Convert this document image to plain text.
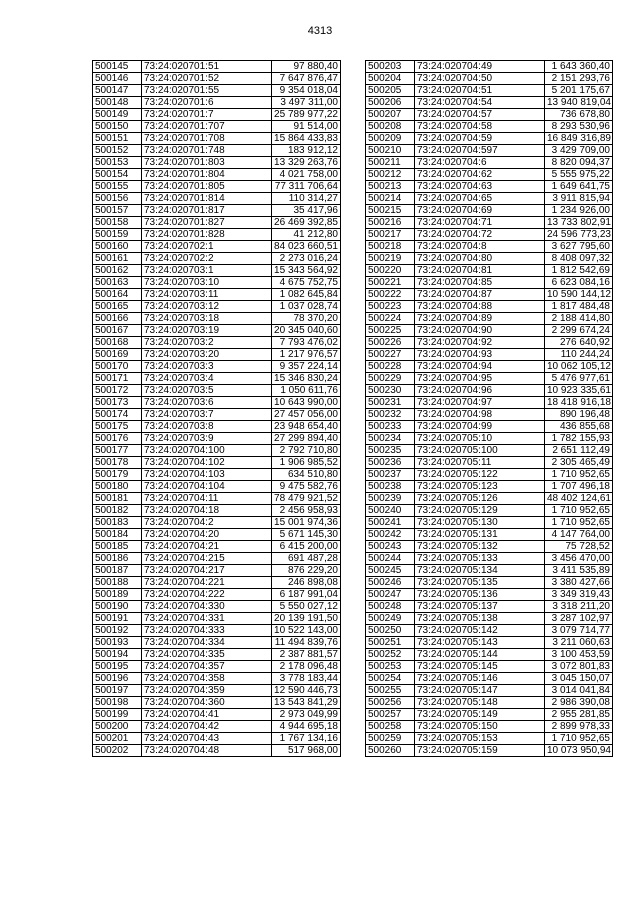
4313
500145	73:24:020701:51	97 880,40
500146	73:24:020701:52	7 647 876,47
500147	73:24:020701:55	9 354 018,04
500148	73:24:020701:6	3 497 311,00
500149	73:24:020701:7	25 789 977,22
500150	73:24:020701:707	91 514,00
500151	73:24:020701:708	15 864 433,83
500152	73:24:020701:748	183 912,12
500153	73:24:020701:803	13 329 263,76
500154	73:24:020701:804	4 021 758,00
500155	73:24:020701:805	77 311 706,64
500156	73:24:020701:814	110 314,27
500157	73:24:020701:817	35 417,96
500158	73:24:020701:827	26 469 392,85
500159	73:24:020701:828	41 212,80
500160	73:24:020702:1	84 023 660,51
500161	73:24:020702:2	2 273 016,24
500162	73:24:020703:1	15 343 564,92
500163	73:24:020703:10	4 675 752,75
500164	73:24:020703:11	1 082 645,84
500165	73:24:020703:12	1 037 028,74
500166	73:24:020703:18	78 370,20
500167	73:24:020703:19	20 345 040,60
500168	73:24:020703:2	7 793 476,02
500169	73:24:020703:20	1 217 976,57
500170	73:24:020703:3	9 357 224,14
500171	73:24:020703:4	15 346 830,24
500172	73:24:020703:5	1 050 611,76
500173	73:24:020703:6	10 643 990,00
500174	73:24:020703:7	27 457 056,00
500175	73:24:020703:8	23 948 654,40
500176	73:24:020703:9	27 299 894,40
500177	73:24:020704:100	2 792 710,80
500178	73:24:020704:102	1 906 985,52
500179	73:24:020704:103	634 510,80
500180	73:24:020704:104	9 475 582,76
500181	73:24:020704:11	78 479 921,52
500182	73:24:020704:18	2 456 958,93
500183	73:24:020704:2	15 001 974,36
500184	73:24:020704:20	5 671 145,30
500185	73:24:020704:21	6 415 200,00
500186	73:24:020704:215	691 487,28
500187	73:24:020704:217	876 229,20
500188	73:24:020704:221	246 898,08
500189	73:24:020704:222	6 187 991,04
500190	73:24:020704:330	5 550 027,12
500191	73:24:020704:331	20 139 191,50
500192	73:24:020704:333	10 522 143,00
500193	73:24:020704:334	11 494 839,76
500194	73:24:020704:335	2 387 881,57
500195	73:24:020704:357	2 178 096,48
500196	73:24:020704:358	3 778 183,44
500197	73:24:020704:359	12 590 446,73
500198	73:24:020704:360	13 543 841,29
500199	73:24:020704:41	2 973 049,99
500200	73:24:020704:42	4 944 695,18
500201	73:24:020704:43	1 767 134,16
500202	73:24:020704:48	517 968,00
500203	73:24:020704:49	1 643 360,40
500204	73:24:020704:50	2 151 293,76
500205	73:24:020704:51	5 201 175,67
500206	73:24:020704:54	13 940 819,04
500207	73:24:020704:57	736 678,80
500208	73:24:020704:58	8 293 530,96
500209	73:24:020704:59	16 849 316,89
500210	73:24:020704:597	3 429 709,00
500211	73:24:020704:6	8 820 094,37
500212	73:24:020704:62	5 555 975,22
500213	73:24:020704:63	1 649 641,75
500214	73:24:020704:65	3 911 815,94
500215	73:24:020704:69	1 234 926,00
500216	73:24:020704:71	13 733 802,91
500217	73:24:020704:72	24 596 773,23
500218	73:24:020704:8	3 627 795,60
500219	73:24:020704:80	8 408 097,32
500220	73:24:020704:81	1 812 542,69
500221	73:24:020704:85	6 623 084,16
500222	73:24:020704:87	10 590 144,12
500223	73:24:020704:88	1 817 484,48
500224	73:24:020704:89	2 188 414,80
500225	73:24:020704:90	2 299 674,24
500226	73:24:020704:92	276 640,92
500227	73:24:020704:93	110 244,24
500228	73:24:020704:94	10 062 105,12
500229	73:24:020704:95	5 476 977,61
500230	73:24:020704:96	10 923 335,61
500231	73:24:020704:97	18 418 916,18
500232	73:24:020704:98	890 196,48
500233	73:24:020704:99	436 855,68
500234	73:24:020705:10	1 782 155,93
500235	73:24:020705:100	2 651 112,49
500236	73:24:020705:11	2 305 465,49
500237	73:24:020705:122	1 710 952,65
500238	73:24:020705:123	1 707 496,18
500239	73:24:020705:126	48 402 124,61
500240	73:24:020705:129	1 710 952,65
500241	73:24:020705:130	1 710 952,65
500242	73:24:020705:131	4 147 764,00
500243	73:24:020705:132	75 728,52
500244	73:24:020705:133	3 456 470,00
500245	73:24:020705:134	3 411 535,89
500246	73:24:020705:135	3 380 427,66
500247	73:24:020705:136	3 349 319,43
500248	73:24:020705:137	3 318 211,20
500249	73:24:020705:138	3 287 102,97
500250	73:24:020705:142	3 079 714,77
500251	73:24:020705:143	3 211 060,63
500252	73:24:020705:144	3 100 453,59
500253	73:24:020705:145	3 072 801,83
500254	73:24:020705:146	3 045 150,07
500255	73:24:020705:147	3 014 041,84
500256	73:24:020705:148	2 986 390,08
500257	73:24:020705:149	2 955 281,85
500258	73:24:020705:150	2 899 978,33
500259	73:24:020705:153	1 710 952,65
500260	73:24:020705:159	10 073 950,94
